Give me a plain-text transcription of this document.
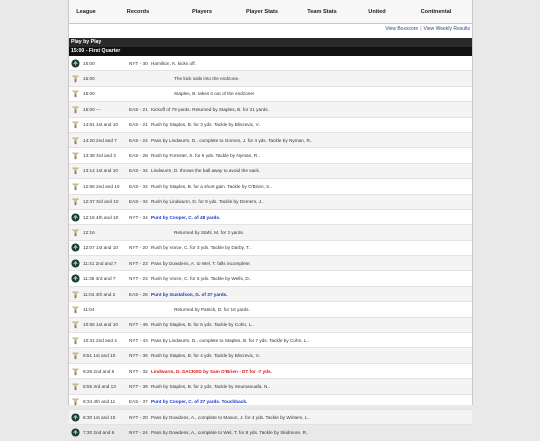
League	Records	Players	Player Stats	Team Stats	United	Continental
View Boxscore | View Weekly Results
Play by Play
15:00 - First Quarter
15:00	NYT - 30 Hamilton, K. kicks off.
15:00	The kick sails into the endzone.
15:00	Staples, B. takes it out of the endzone!
15:00 ---	EAS - 21 Kickoff of 79 yards. Returned by Staples, B. for 21 yards.
14:51 1st and 10	EAS - 21 Rush by Staples, B. for 3 yds. Tackle by Bliszevic, V..
14:20 2nd and 7	EAS - 24 Pass by Lindwurm, D., complete to Gornes, J. for 4 yds. Tackle by Nyman, R..
13:38 3rd and 3	EAS - 28 Rush by Forester, S. for 6 yds. Tackle by Nyman, R..
13:14 1st and 10	EAS - 34 Lindwurm, D. throws the ball away to avoid the sack.
12:56 2nd and 10	EAS - 34 Rush by Staples, B. for a short gain. Tackle by O'Brien, S..
12:37 3rd and 10	EAS - 34 Rush by Lindwurm, D. for 9 yds. Tackle by Demers, J..
12:16 4th and 10	NYT - 34 Punt by Cooper, C. of 48 yards.
12:16	Returned by Stahl, M. for 3 yards.
12:07 1st and 10	NYT - 20 Rush by Vorce, C. for 3 yds. Tackle by Darby, T..
11:41 2nd and 7	NYT - 23 Pass by Dowdens, A. to Wel, T. falls incomplete.
11:35 3rd and 7	NYT - 23 Rush by Vorce, C. for 5 yds. Tackle by Wells, D..
11:04 4th and 2	EAS - 28 Punt by Gustafson, G. of 37 yards.
11:04	Returned by Patrick, D. for 16 yards.
10:55 1st and 10	NYT - 49 Rush by Staples, B. for 6 yds. Tackle by Cohn, L..
10:31 2nd and 4	NYT - 43 Pass by Lindwurm, D., complete to Staples, B. for 7 yds. Tackle by Cohn, L..
9:51 1st and 10	NYT - 36 Rush by Staples, B. for 4 yds. Tackle by Bliszevic, V..
9:28 2nd and 6	NYT - 32 Lindwurm, D. SACKED by Sam O'Brien - DT for -7 yds.
8:55 3rd and 13	NYT - 39 Rush by Staples, B. for 2 yds. Tackle by Seumanuafa, N..
8:34 4th and 11	EAS - 37 Punt by Cooper, C. of 37 yards. Touchback.
8:30 1st and 10	NYT - 20 Pass by Dowdens, A., complete to Mason, J. for 4 yds. Tackle by Winters, L..
7:30 2nd and 6	NYT - 24 Pass by Dowdens, A., complete to Wel, T. for 8 yds. Tackle by Skidmore, R..
